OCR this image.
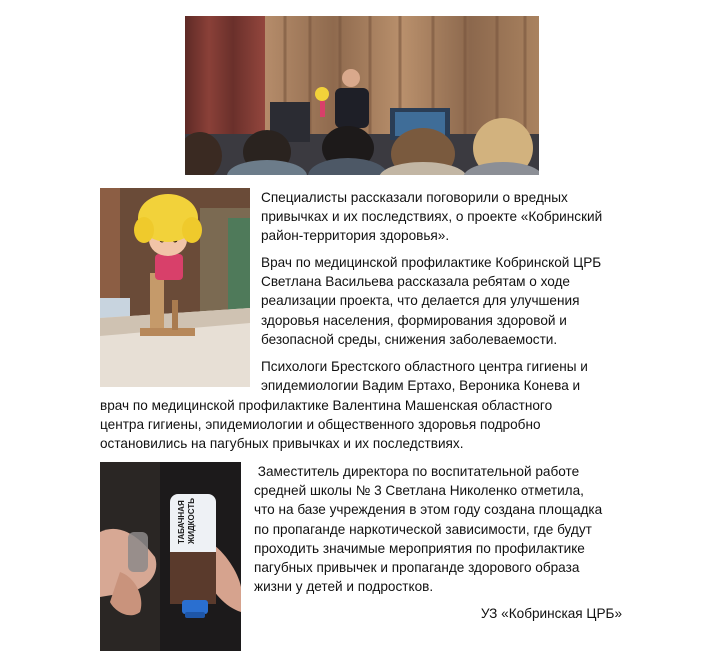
ТАБАЧНАЯ ЖИДКОСТЬ
Специалисты рассказали поговорили о вредных
привычках и их последствиях, о проекте «Кобринский
район-территория здоровья».
Врач по медицинской профилактике Кобринской ЦРБ
Светлана Васильева рассказала ребятам о ходе
реализации проекта, что делается для улучшения
здоровья населения, формирования здоровой и
безопасной среды, снижения заболеваемости.
Психологи Брестского областного центра гигиены и
эпидемиологии Вадим Ертахо, Вероника Конева и
врач по медицинской профилактике Валентина Машенская областного
центра гигиены, эпидемиологии и общественного здоровья подробно
остановились на пагубных привычках и их последствиях.
Заместитель директора по воспитательной работе
средней школы № 3 Светлана Николенко отметила,
что на базе учреждения в этом году создана площадка
по пропаганде наркотической зависимости, где будут
проходить значимые мероприятия по профилактике
пагубных привычек и пропаганде здорового образа
жизни у детей и подростков.
УЗ «Кобринская ЦРБ»
